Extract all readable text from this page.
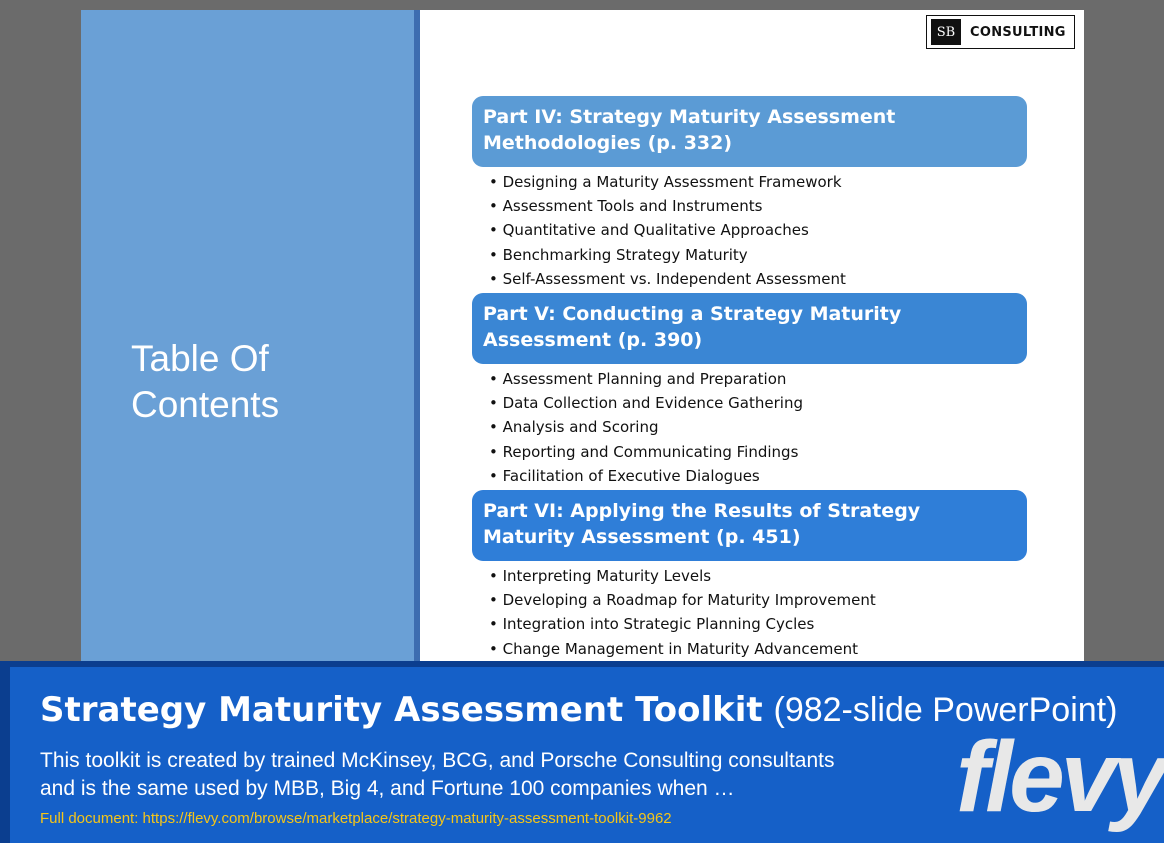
Table Of Contents
SB	CONSULTING
Part IV: Strategy Maturity Assessment Methodologies (p. 332)
• Designing a Maturity Assessment Framework
• Assessment Tools and Instruments
• Quantitative and Qualitative Approaches
• Benchmarking Strategy Maturity
• Self-Assessment vs. Independent Assessment
Part V: Conducting a Strategy Maturity Assessment (p. 390)
• Assessment Planning and Preparation
• Data Collection and Evidence Gathering
• Analysis and Scoring
• Reporting and Communicating Findings
• Facilitation of Executive Dialogues
Part VI: Applying the Results of Strategy Maturity Assessment (p. 451)
• Interpreting Maturity Levels
• Developing a Roadmap for Maturity Improvement
• Integration into Strategic Planning Cycles
• Change Management in Maturity Advancement
Strategy Maturity Assessment Toolkit (982-slide PowerPoint)
This toolkit is created by trained McKinsey, BCG, and Porsche Consulting consultants and is the same used by MBB, Big 4, and Fortune 100 companies when …
Full document: https://flevy.com/browse/marketplace/strategy-maturity-assessment-toolkit-9962	flevy
